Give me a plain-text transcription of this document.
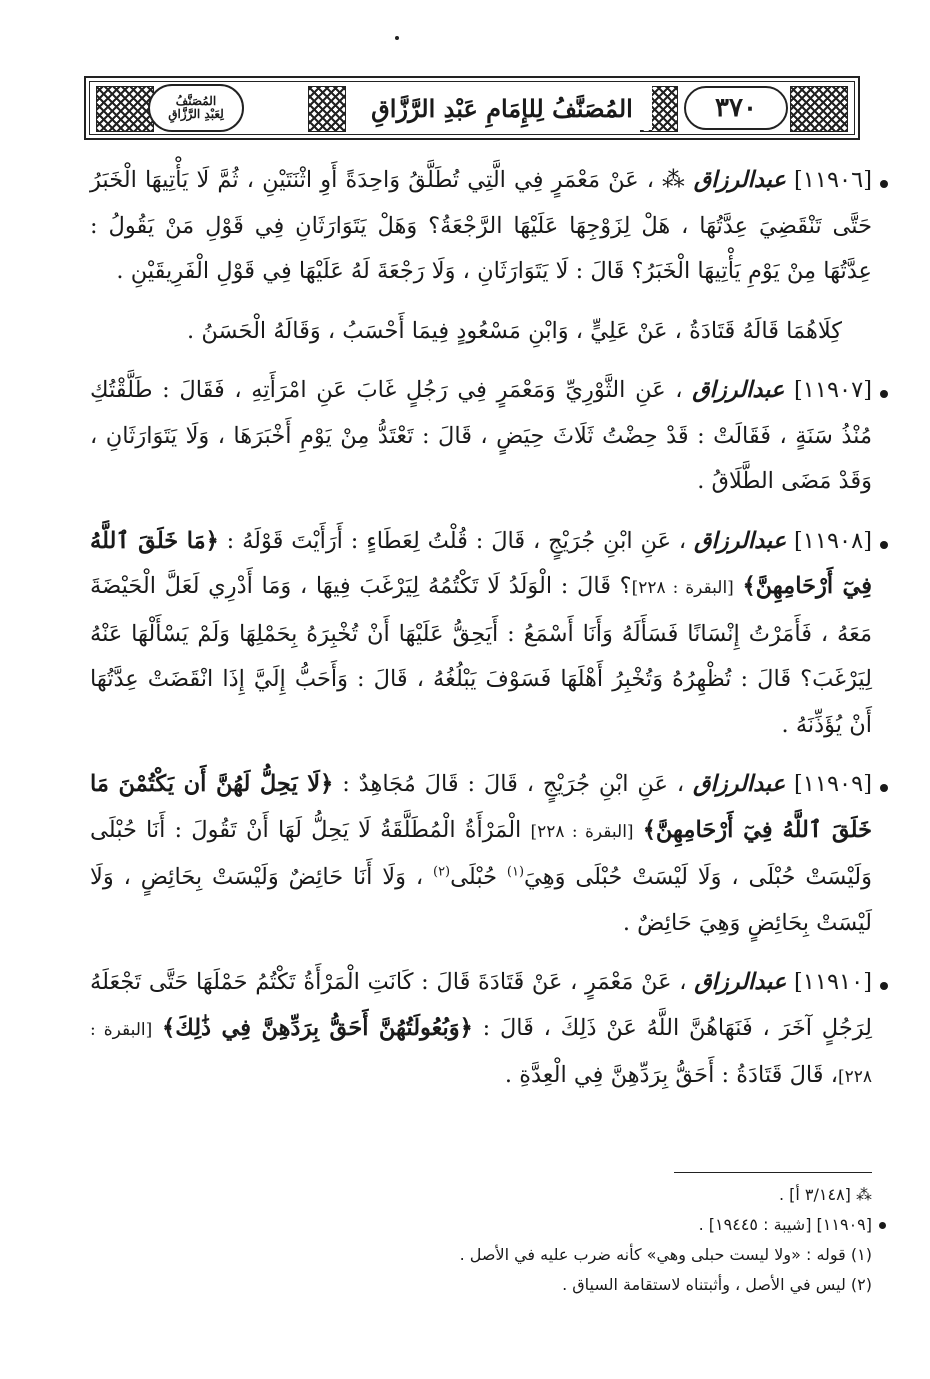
٣٧٠
المُصَنَّفُ لِلإِمَامِ عَبْدِ الرَّزَّاقِ
المُصَنَّفُ
لِعَبْدِ الرَّزَّاقِ

[١١٩٠٦] عبدالرزاق ⁂ ، عَنْ مَعْمَرٍ فِي الَّتِي تُطَلَّقُ وَاحِدَةً أَوِ اثْنَتَيْنِ ، ثُمَّ لَا يَأْتِيهَا الْخَبَرُ حَتَّى تَنْقَضِيَ عِدَّتُهَا ، هَلْ لِزَوْجِهَا عَلَيْهَا الرَّجْعَةُ؟ وَهَلْ يَتَوَارَثَانِ فِي قَوْلِ مَنْ يَقُولُ : عِدَّتُهَا مِنْ يَوْمِ يَأْتِيهَا الْخَبَرُ؟ قَالَ : لَا يَتَوَارَثَانِ ، وَلَا رَجْعَةَ لَهُ عَلَيْهَا فِي قَوْلِ الْفَرِيقَيْنِ .

كِلَاهُمَا قَالَهُ قَتَادَةُ ، عَنْ عَلِيٍّ ، وَابْنِ مَسْعُودٍ فِيمَا أَحْسَبُ ، وَقَالَهُ الْحَسَنُ .

[١١٩٠٧] عبدالرزاق ، عَنِ الثَّوْرِيِّ وَمَعْمَرٍ فِي رَجُلٍ غَابَ عَنِ امْرَأَتِهِ ، فَقَالَ : طَلَّقْتُكِ مُنْذُ سَنَةٍ ، فَقَالَتْ : قَدْ حِضْتُ ثَلَاثَ حِيَضٍ ، قَالَ : تَعْتَدُّ مِنْ يَوْمِ أَخْبَرَهَا ، وَلَا يَتَوَارَثَانِ ، وَقَدْ مَضَى الطَّلَاقُ .

[١١٩٠٨] عبدالرزاق ، عَنِ ابْنِ جُرَيْجٍ ، قَالَ : قُلْتُ لِعَطَاءٍ : أَرَأَيْتَ قَوْلَهُ : ﴿مَا خَلَقَ ٱللَّهُ فِيٓ أَرْحَامِهِنَّ﴾ [البقرة : ٢٢٨]؟ قَالَ : الْوَلَدُ لَا تَكْتُمُهُ لِيَرْغَبَ فِيهَا ، وَمَا أَدْرِي لَعَلَّ الْحَيْضَةَ مَعَهُ ، فَأَمَرْتُ إِنْسَانًا فَسَأَلَهُ وَأَنَا أَسْمَعُ : أَيَحِقُّ عَلَيْهَا أَنْ تُخْبِرَهُ بِحَمْلِهَا وَلَمْ يَسْأَلْهَا عَنْهُ لِيَرْغَبَ؟ قَالَ : تُظْهِرُهُ وَتُخْبِرُ أَهْلَهَا فَسَوْفَ يَبْلُغُهُ ، قَالَ : وَأَحَبُّ إِلَيَّ إِذَا انْقَضَتْ عِدَّتُهَا أَنْ يُؤَذِّنَهُ .

[١١٩٠٩] عبدالرزاق ، عَنِ ابْنِ جُرَيْجٍ ، قَالَ : قَالَ مُجَاهِدٌ : ﴿لَا يَحِلُّ لَهُنَّ أَن يَكْتُمْنَ مَا خَلَقَ ٱللَّهُ فِيٓ أَرْحَامِهِنَّ﴾ [البقرة : ٢٢٨] الْمَرْأَةُ الْمُطَلَّقَةُ لَا يَحِلُّ لَهَا أَنْ تَقُولَ : أَنَا حُبْلَى وَلَيْسَتْ حُبْلَى ، وَلَا لَيْسَتْ حُبْلَى وَهِيَ$^{(١)}$ حُبْلَى$^{(٢)}$ ، وَلَا أَنَا حَائِضٌ وَلَيْسَتْ بِحَائِضٍ ، وَلَا لَيْسَتْ بِحَائِضٍ وَهِيَ حَائِضٌ .

[١١٩١٠] عبدالرزاق ، عَنْ مَعْمَرٍ ، عَنْ قَتَادَةَ قَالَ : كَانَتِ الْمَرْأَةُ تَكْتُمُ حَمْلَهَا حَتَّى تَجْعَلَهُ لِرَجُلٍ آخَرَ ، فَنَهَاهُنَّ اللَّهُ عَنْ ذَلِكَ ، قَالَ : ﴿وَبُعُولَتُهُنَّ أَحَقُّ بِرَدِّهِنَّ فِي ذَٰلِكَ﴾ [البقرة : ٢٢٨]، قَالَ قَتَادَةُ : أَحَقُّ بِرَدِّهِنَّ فِي الْعِدَّةِ .

⁂ [٣/١٤٨ أ] .

[١١٩٠٩] [شيبة : ١٩٤٤٥] .

(١) قوله : «ولا ليست حبلى وهي» كأنه ضرب عليه في الأصل .

(٢) ليس في الأصل ، وأثبتناه لاستقامة السياق .
